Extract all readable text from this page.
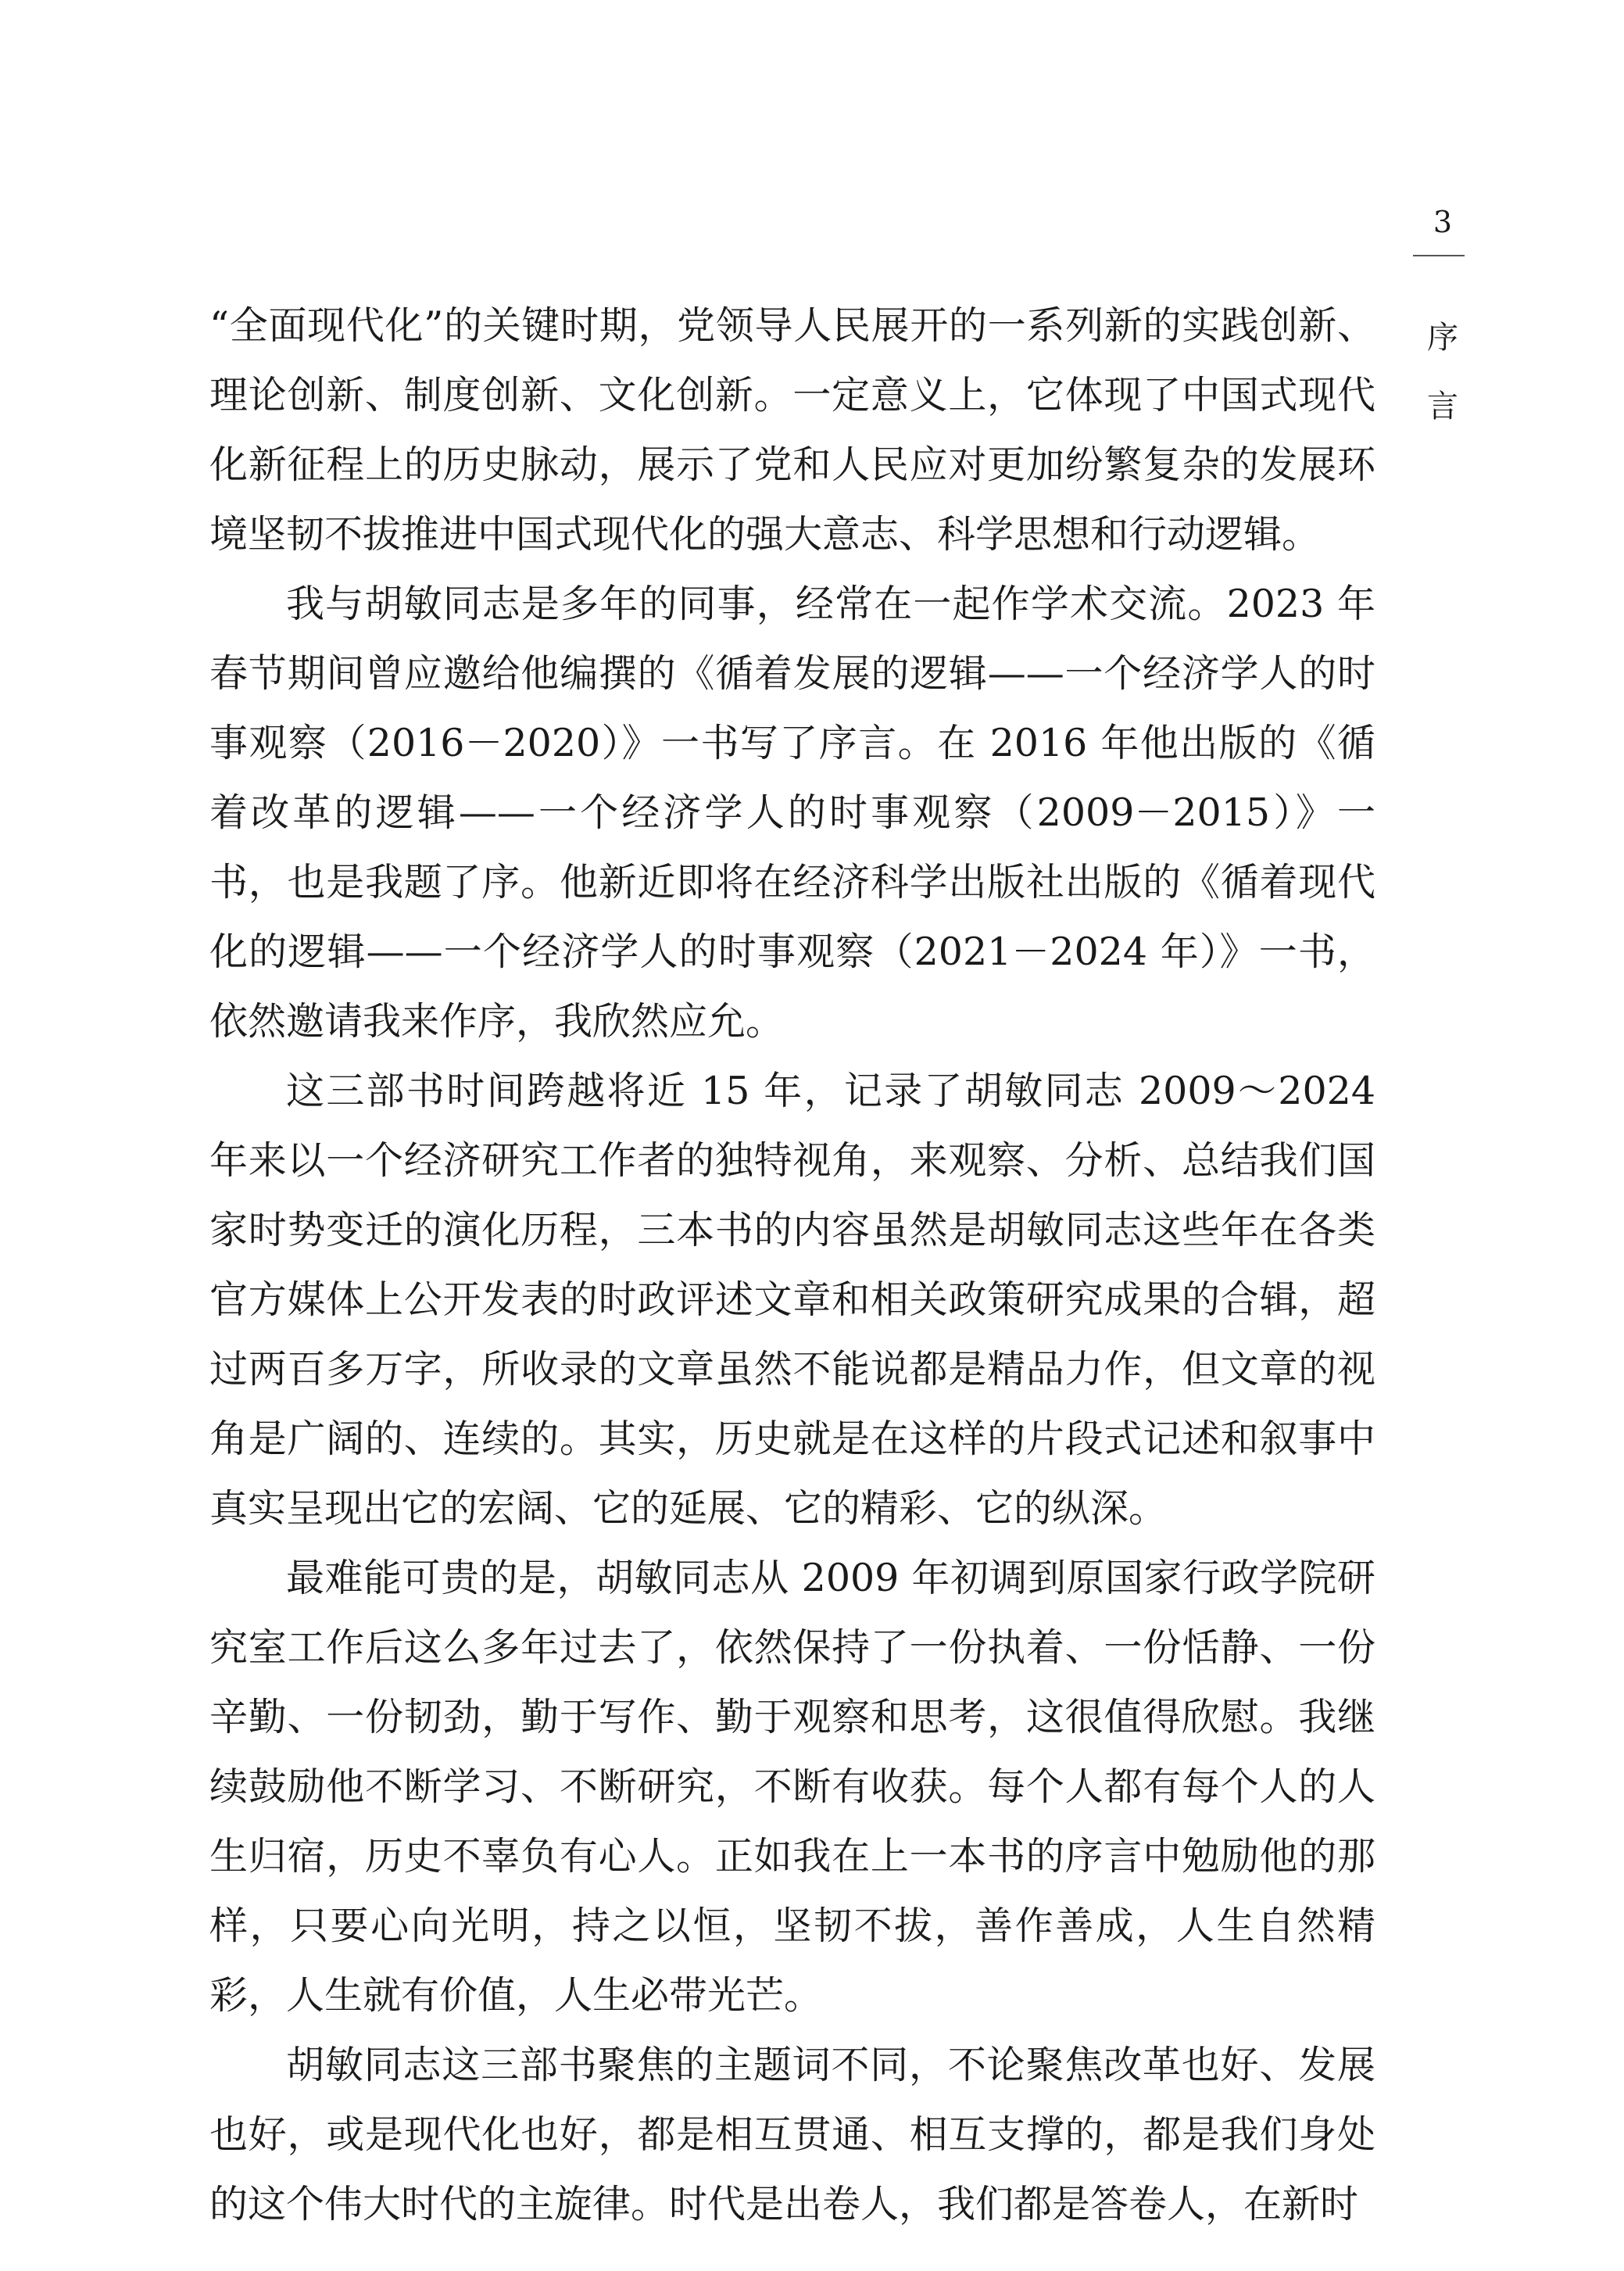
3
序
言

“全面现代化”的关键时期，党领导人民展开的一系列新的实践创新、理论创新、制度创新、文化创新。一定意义上，它体现了中国式现代化新征程上的历史脉动，展示了党和人民应对更加纷繁复杂的发展环境坚韧不拔推进中国式现代化的强大意志、科学思想和行动逻辑。

我与胡敏同志是多年的同事，经常在一起作学术交流。2023 年春节期间曾应邀给他编撰的《循着发展的逻辑——一个经济学人的时事观察（2016－2020）》一书写了序言。在 2016 年他出版的《循着改革的逻辑——一个经济学人的时事观察（2009－2015）》一书，也是我题了序。他新近即将在经济科学出版社出版的《循着现代化的逻辑——一个经济学人的时事观察（2021－2024 年）》一书，依然邀请我来作序，我欣然应允。

这三部书时间跨越将近 15 年，记录了胡敏同志 2009～2024 年来以一个经济研究工作者的独特视角，来观察、分析、总结我们国家时势变迁的演化历程，三本书的内容虽然是胡敏同志这些年在各类官方媒体上公开发表的时政评述文章和相关政策研究成果的合辑，超过两百多万字，所收录的文章虽然不能说都是精品力作，但文章的视角是广阔的、连续的。其实，历史就是在这样的片段式记述和叙事中真实呈现出它的宏阔、它的延展、它的精彩、它的纵深。

最难能可贵的是，胡敏同志从 2009 年初调到原国家行政学院研究室工作后这么多年过去了，依然保持了一份执着、一份恬静、一份辛勤、一份韧劲，勤于写作、勤于观察和思考，这很值得欣慰。我继续鼓励他不断学习、不断研究，不断有收获。每个人都有每个人的人生归宿，历史不辜负有心人。正如我在上一本书的序言中勉励他的那样，只要心向光明，持之以恒，坚韧不拔，善作善成，人生自然精彩，人生就有价值，人生必带光芒。

胡敏同志这三部书聚焦的主题词不同，不论聚焦改革也好、发展也好，或是现代化也好，都是相互贯通、相互支撑的，都是我们身处的这个伟大时代的主旋律。时代是出卷人，我们都是答卷人，在新时
